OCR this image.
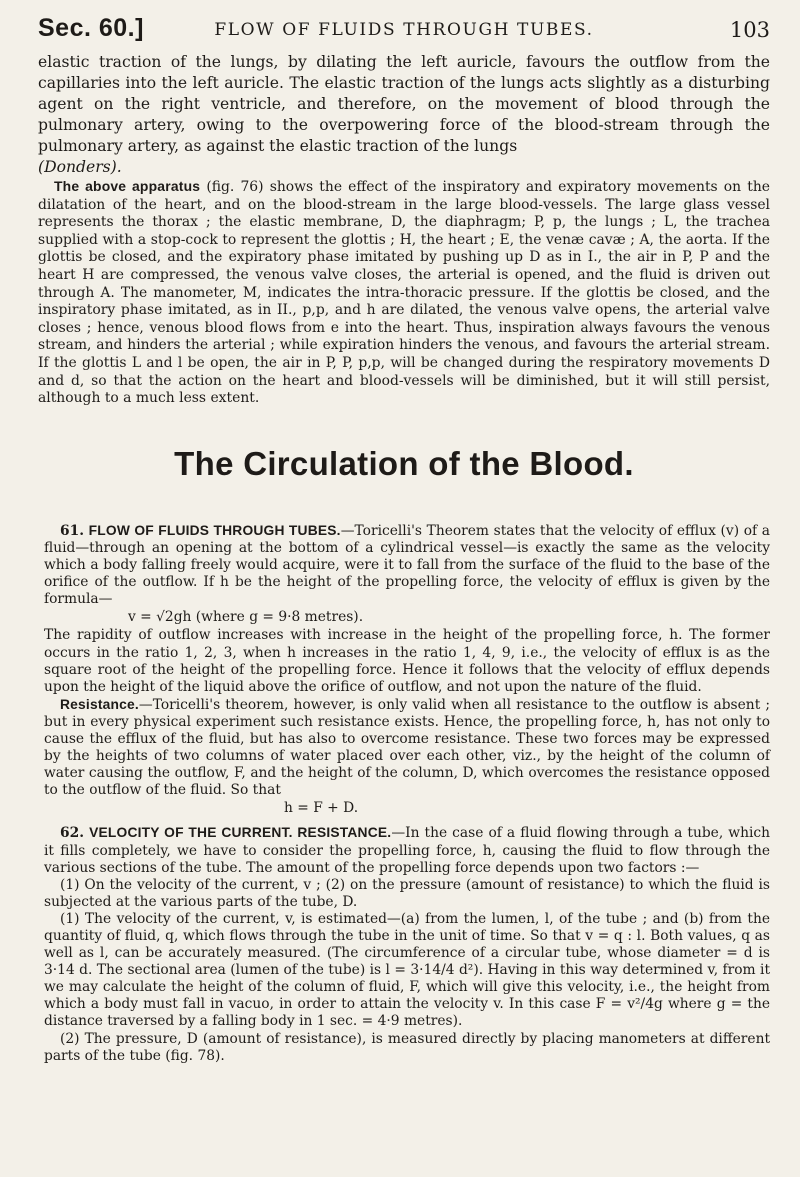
Sec. 60.]	FLOW OF FLUIDS THROUGH TUBES.	103

elastic traction of the lungs, by dilating the left auricle, favours the outflow from the capillaries into the left auricle. The elastic traction of the lungs acts slightly as a disturbing agent on the right ventricle, and therefore, on the movement of blood through the pulmonary artery, owing to the overpowering force of the blood-stream through the pulmonary artery, as against the elastic traction of the lungs
(Donders).

The above apparatus (fig. 76) shows the effect of the inspiratory and expiratory movements on the dilatation of the heart, and on the blood-stream in the large blood-vessels. The large glass vessel represents the thorax ; the elastic membrane, D, the diaphragm; P, p, the lungs ; L, the trachea supplied with a stop-cock to represent the glottis ; H, the heart ; E, the venæ cavæ ; A, the aorta. If the glottis be closed, and the expiratory phase imitated by pushing up D as in I., the air in P, P and the heart H are compressed, the venous valve closes, the arterial is opened, and the fluid is driven out through A. The manometer, M, indicates the intra-thoracic pressure. If the glottis be closed, and the inspiratory phase imitated, as in II., p,p, and h are dilated, the venous valve opens, the arterial valve closes ; hence, venous blood flows from e into the heart. Thus, inspiration always favours the venous stream, and hinders the arterial ; while expiration hinders the venous, and favours the arterial stream. If the glottis L and l be open, the air in P, P, p,p, will be changed during the respiratory movements D and d, so that the action on the heart and blood-vessels will be diminished, but it will still persist, although to a much less extent.

The Circulation of the Blood.

61. FLOW OF FLUIDS THROUGH TUBES.—Toricelli's Theorem states that the velocity of efflux (v) of a fluid—through an opening at the bottom of a cylindrical vessel—is exactly the same as the velocity which a body falling freely would acquire, were it to fall from the surface of the fluid to the base of the orifice of the outflow. If h be the height of the propelling force, the velocity of efflux is given by the formula—

v = √2gh (where g = 9·8 metres).

The rapidity of outflow increases with increase in the height of the propelling force, h. The former occurs in the ratio 1, 2, 3, when h increases in the ratio 1, 4, 9, i.e., the velocity of efflux is as the square root of the height of the propelling force. Hence it follows that the velocity of efflux depends upon the height of the liquid above the orifice of outflow, and not upon the nature of the fluid.

Resistance.—Toricelli's theorem, however, is only valid when all resistance to the outflow is absent ; but in every physical experiment such resistance exists. Hence, the propelling force, h, has not only to cause the efflux of the fluid, but has also to overcome resistance. These two forces may be expressed by the heights of two columns of water placed over each other, viz., by the height of the column of water causing the outflow, F, and the height of the column, D, which overcomes the resistance opposed to the outflow of the fluid. So that

h = F + D.

62. VELOCITY OF THE CURRENT. RESISTANCE.—In the case of a fluid flowing through a tube, which it fills completely, we have to consider the propelling force, h, causing the fluid to flow through the various sections of the tube. The amount of the propelling force depends upon two factors :—

(1) On the velocity of the current, v ; (2) on the pressure (amount of resistance) to which the fluid is subjected at the various parts of the tube, D.

(1) The velocity of the current, v, is estimated—(a) from the lumen, l, of the tube ; and (b) from the quantity of fluid, q, which flows through the tube in the unit of time. So that v = q : l. Both values, q as well as l, can be accurately measured. (The circumference of a circular tube, whose diameter = d is 3·14 d. The sectional area (lumen of the tube) is l = 3·14/4 d²). Having in this way determined v, from it we may calculate the height of the column of fluid, F, which will give this velocity, i.e., the height from which a body must fall in vacuo, in order to attain the velocity v. In this case F = v²/4g where g = the distance traversed by a falling body in 1 sec. = 4·9 metres).

(2) The pressure, D (amount of resistance), is measured directly by placing manometers at different parts of the tube (fig. 78).
